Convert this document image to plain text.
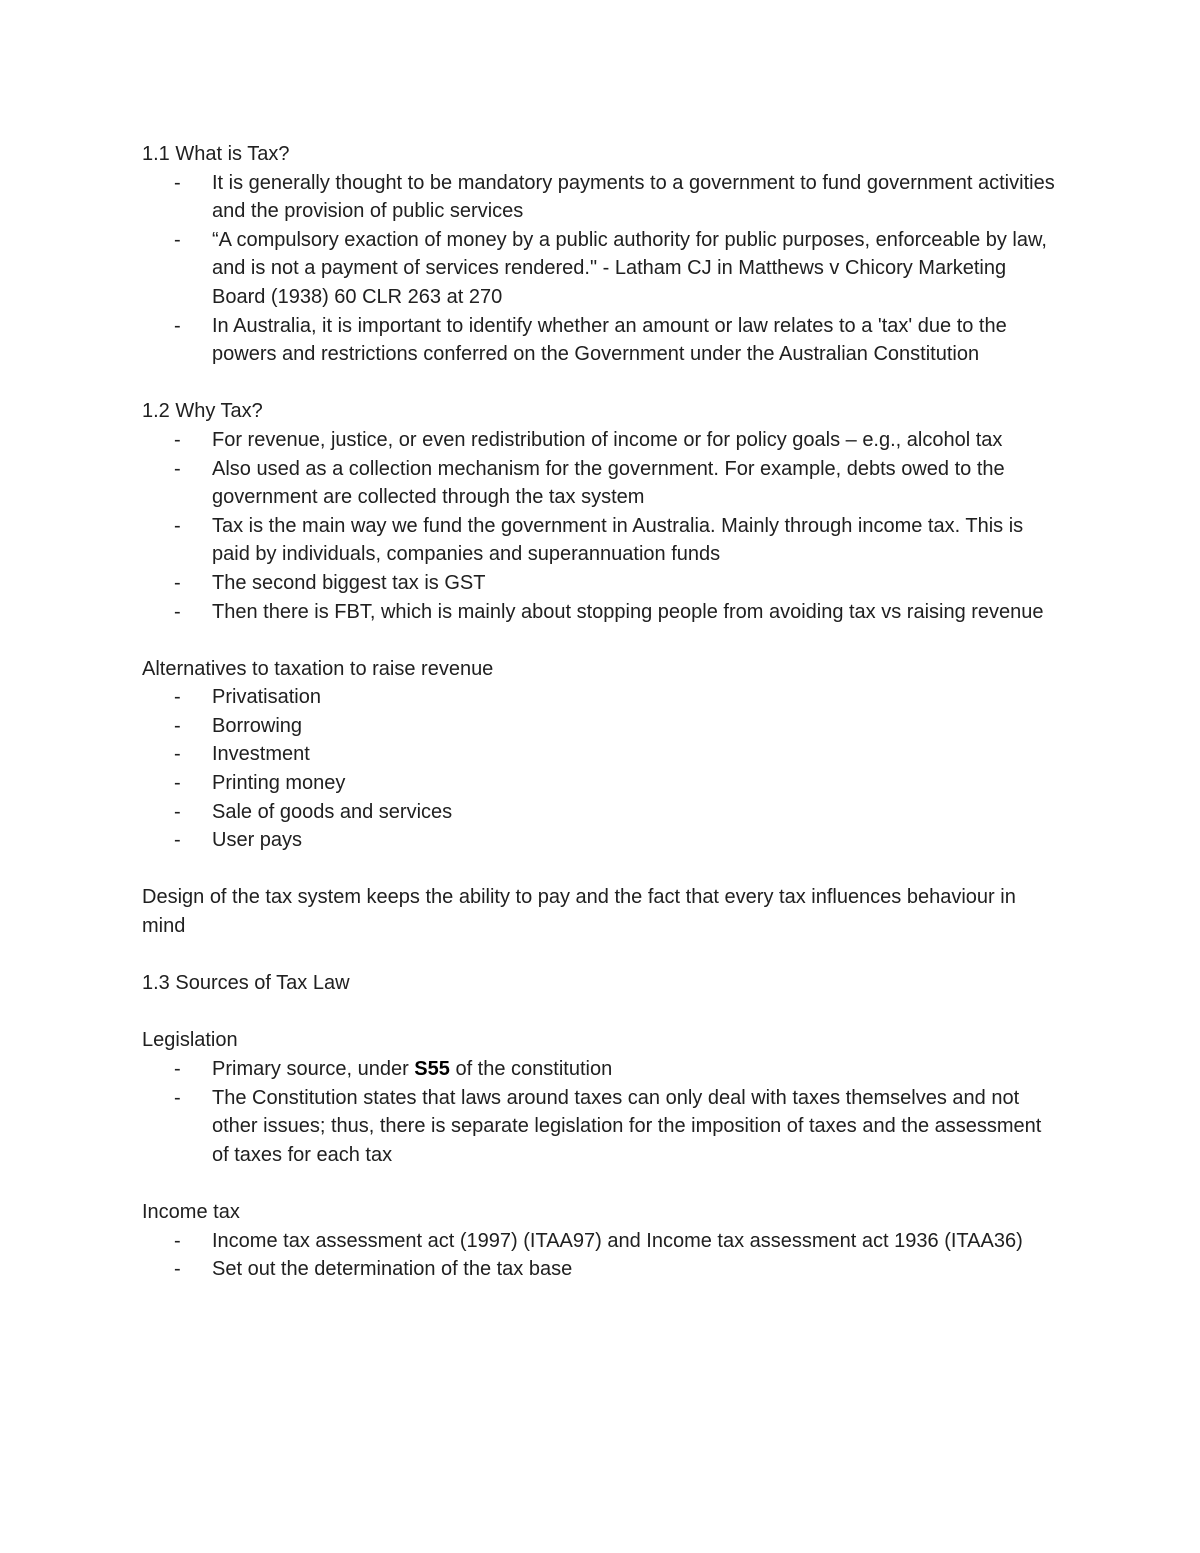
1.1 What is Tax?

- It is generally thought to be mandatory payments to a government to fund government activities and the provision of public services
- “A compulsory exaction of money by a public authority for public purposes, enforceable by law, and is not a payment of services rendered." - Latham CJ in Matthews v Chicory Marketing Board (1938) 60 CLR 263 at 270
- In Australia, it is important to identify whether an amount or law relates to a 'tax' due to the powers and restrictions conferred on the Government under the Australian Constitution

1.2 Why Tax?

- For revenue, justice, or even redistribution of income or for policy goals – e.g., alcohol tax
- Also used as a collection mechanism for the government. For example, debts owed to the government are collected through the tax system
- Tax is the main way we fund the government in Australia. Mainly through income tax. This is paid by individuals, companies and superannuation funds
- The second biggest tax is GST
- Then there is FBT, which is mainly about stopping people from avoiding tax vs raising revenue

Alternatives to taxation to raise revenue

- Privatisation
- Borrowing
- Investment
- Printing money
- Sale of goods and services
- User pays

Design of the tax system keeps the ability to pay and the fact that every tax influences behaviour in mind

1.3 Sources of Tax Law

Legislation

- Primary source, under S55 of the constitution
- The Constitution states that laws around taxes can only deal with taxes themselves and not other issues; thus, there is separate legislation for the imposition of taxes and the assessment of taxes for each tax

Income tax

- Income tax assessment act (1997) (ITAA97) and Income tax assessment act 1936 (ITAA36)
- Set out the determination of the tax base
